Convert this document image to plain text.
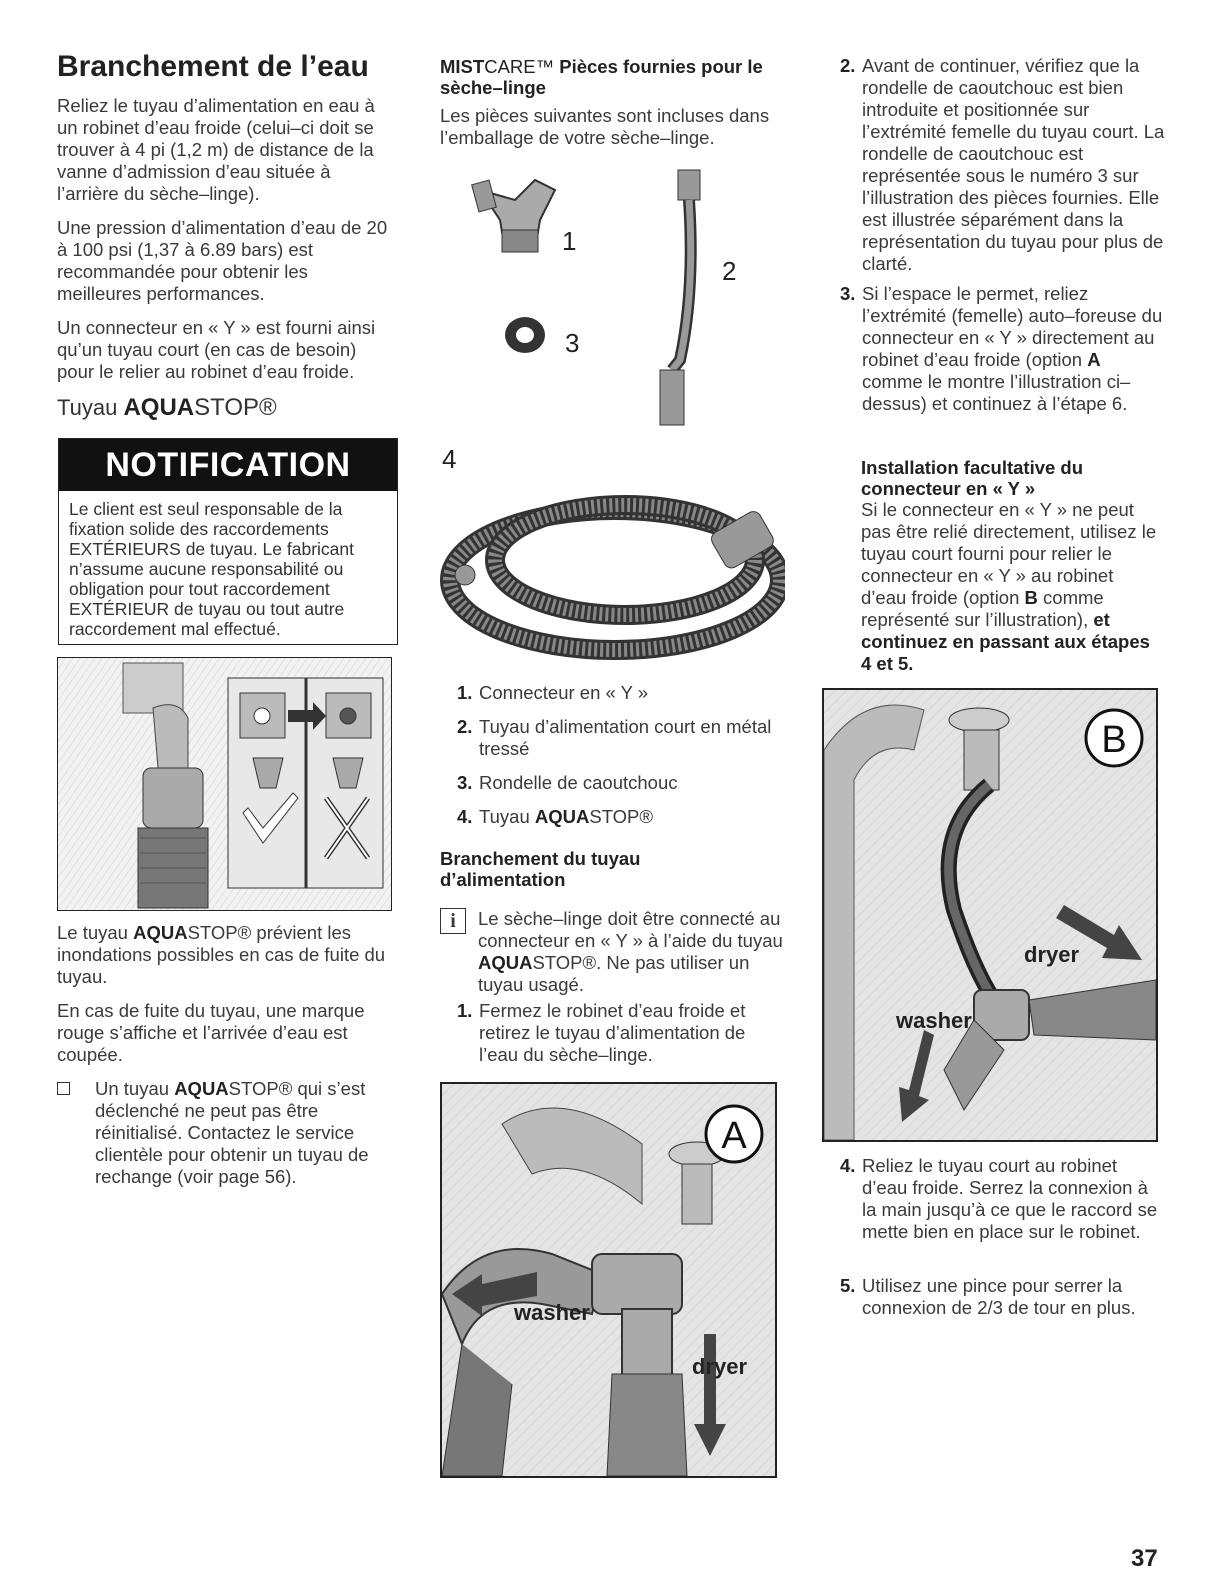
Branchement de l’eau

Reliez le tuyau d’alimentation en eau à un robinet d’eau froide (celui–ci doit se trouver à 4 pi (1,2 m) de distance de la vanne d’admission d’eau située à l’arrière du sèche–linge).

Une pression d’alimentation d’eau de 20 à 100 psi (1,37 à 6.89 bars) est recommandée pour obtenir les meilleures performances.

Un connecteur en « Y » est fourni ainsi qu’un tuyau court (en cas de besoin) pour le relier au robinet d’eau froide.

Tuyau AQUASTOP®
NOTIFICATION
Le client est seul responsable de la fixation solide des raccordements EXTÉRIEURS de tuyau. Le fabricant n’assume aucune responsabilité ou obligation pour tout raccordement EXTÉRIEUR de tuyau ou tout autre raccordement mal effectué.

Le tuyau AQUASTOP® prévient les inondations possibles en cas de fuite du tuyau.

En cas de fuite du tuyau, une marque rouge s’affiche et l’arrivée d’eau est coupée.

Un tuyau AQUASTOP® qui s’est déclenché ne peut pas être réinitialisé. Contactez le service clientèle pour obtenir un tuyau de rechange (voir page 56).
MISTCARE™ Pièces fournies pour le sèche–linge
Les pièces suivantes sont incluses dans l’emballage de votre sèche–linge.
1
3
2
4
1. Connecteur en « Y »
2. Tuyau d’alimentation court en métal tressé
3. Rondelle de caoutchouc
4. Tuyau AQUASTOP®
Branchement du tuyau d’alimentation
i	Le sèche–linge doit être connecté au connecteur en « Y » à l’aide du tuyau AQUASTOP®. Ne pas utiliser un tuyau usagé.
1. Fermez le robinet d’eau froide et retirez le tuyau d’alimentation de l’eau du sèche–linge.
A
washer
dryer
2. Avant de continuer, vérifiez que la rondelle de caoutchouc est bien introduite et positionnée sur l’extrémité femelle du tuyau court. La rondelle de caoutchouc est représentée sous le numéro 3 sur l’illustration des pièces fournies. Elle est illustrée séparément dans la représentation du tuyau pour plus de clarté.
3. Si l’espace le permet, reliez l’extrémité (femelle) auto–foreuse du connecteur en « Y » directement au robinet d’eau froide (option A comme le montre l’illustration ci–dessus) et continuez à l’étape 6.
Installation facultative du connecteur en « Y »
Si le connecteur en « Y » ne peut pas être relié directement, utilisez le tuyau court fourni pour relier le connecteur en « Y » au robinet d’eau froide (option B comme représenté sur l’illustration), et continuez en passant aux étapes 4 et 5.
B
dryer
washer
4. Reliez le tuyau court au robinet d’eau froide. Serrez la connexion à la main jusqu’à ce que le raccord se mette bien en place sur le robinet.
5. Utilisez une pince pour serrer la connexion de 2/3 de tour en plus.
37
